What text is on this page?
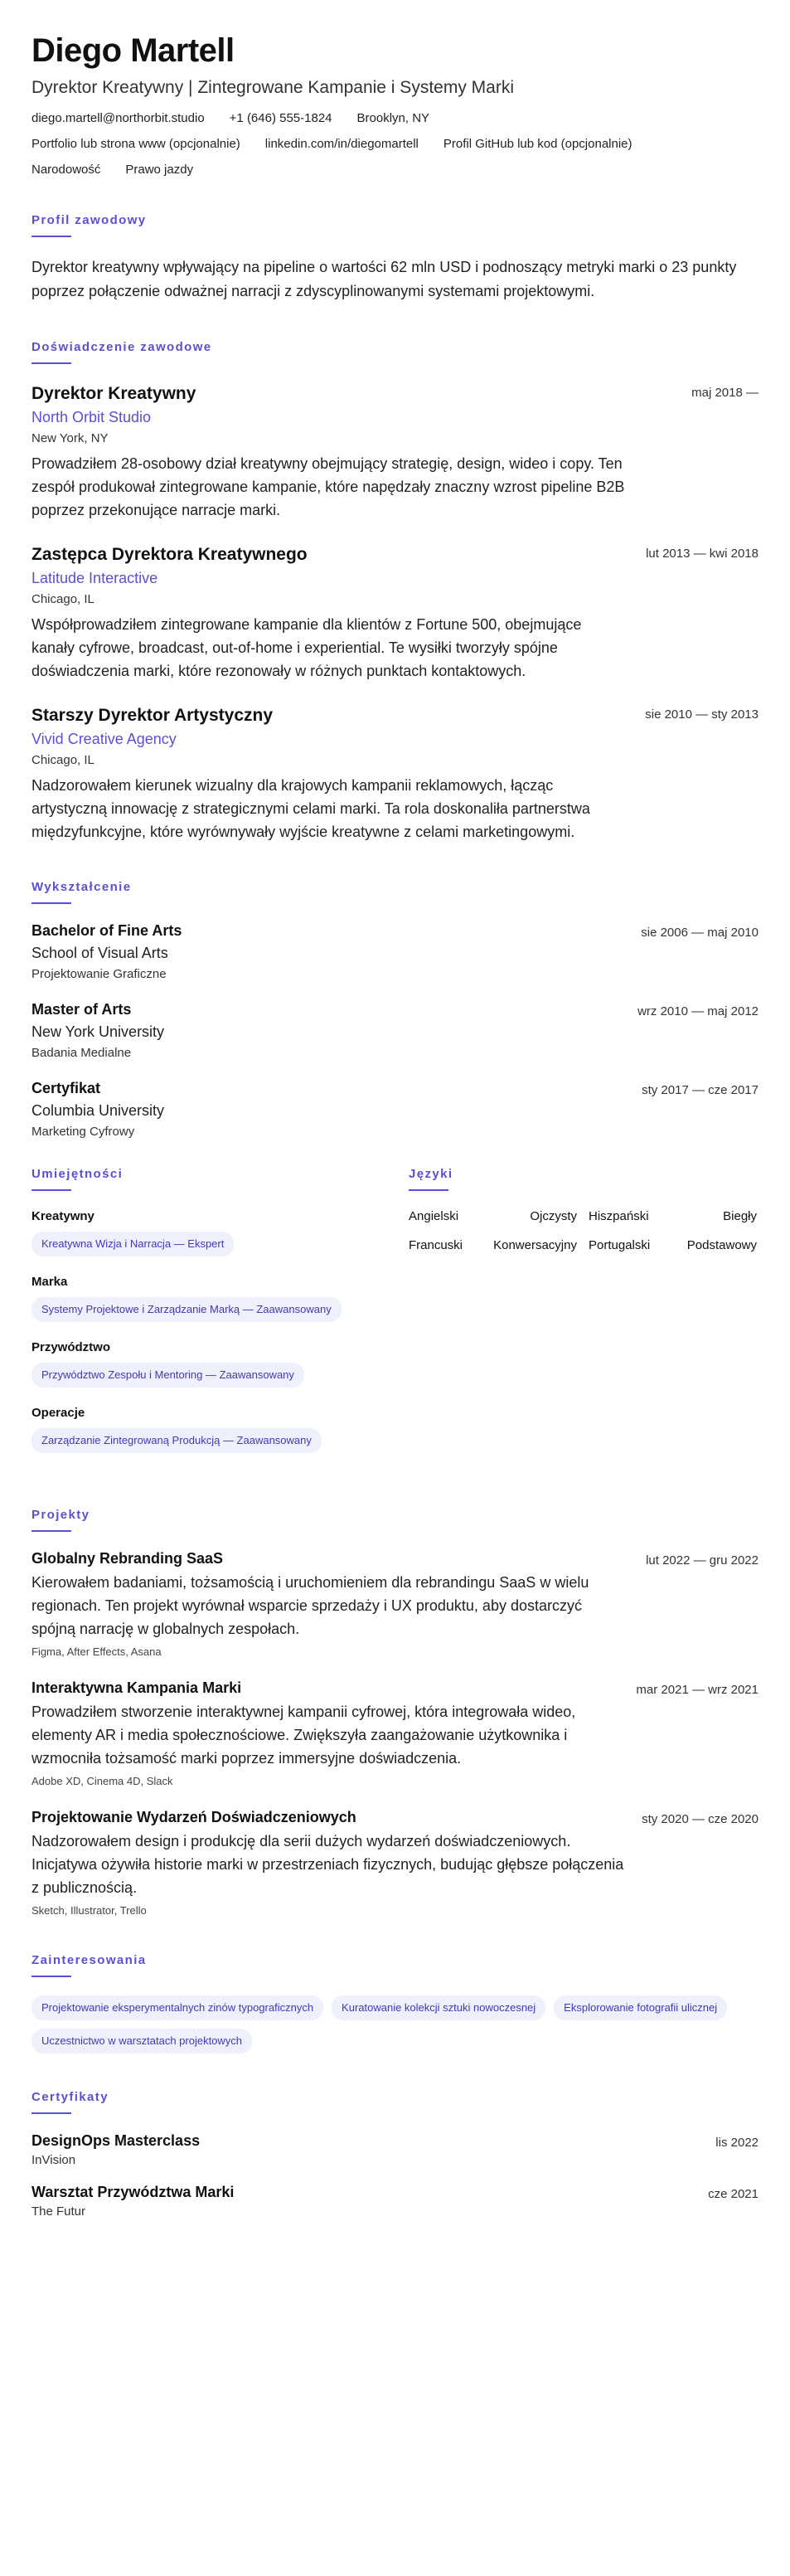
Diego Martell
Dyrektor Kreatywny | Zintegrowane Kampanie i Systemy Marki
diego.martell@northorbit.studio +1 (646) 555-1824 Brooklyn, NY
Portfolio lub strona www (opcjonalnie) linkedin.com/in/diegomartell Profil GitHub lub kod (opcjonalnie)
Narodowość Prawo jazdy
Profil zawodowy

Dyrektor kreatywny wpływający na pipeline o wartości 62 mln USD i podnoszący metryki marki o 23 punkty poprzez połączenie odważnej narracji z zdyscyplinowanymi systemami projektowymi.

Doświadczenie zawodowe
Dyrektor Kreatywny
North Orbit Studio
New York, NY

Prowadziłem 28-osobowy dział kreatywny obejmujący strategię, design, wideo i copy. Ten zespół produkował zintegrowane kampanie, które napędzały znaczny wzrost pipeline B2B poprzez przekonujące narracje marki.

maj 2018 —
Zastępca Dyrektora Kreatywnego
Latitude Interactive
Chicago, IL

Współprowadziłem zintegrowane kampanie dla klientów z Fortune 500, obejmujące kanały cyfrowe, broadcast, out-of-home i experiential. Te wysiłki tworzyły spójne doświadczenia marki, które rezonowały w różnych punktach kontaktowych.

lut 2013 — kwi 2018
Starszy Dyrektor Artystyczny
Vivid Creative Agency
Chicago, IL

Nadzorowałem kierunek wizualny dla krajowych kampanii reklamowych, łącząc artystyczną innowację z strategicznymi celami marki. Ta rola doskonaliła partnerstwa międzyfunkcyjne, które wyrównywały wyjście kreatywne z celami marketingowymi.

sie 2010 — sty 2013
Wykształcenie
Bachelor of Fine Arts
School of Visual Arts
Projektowanie Graficzne
sie 2006 — maj 2010
Master of Arts
New York University
Badania Medialne
wrz 2010 — maj 2012
Certyfikat
Columbia University
Marketing Cyfrowy
sty 2017 — cze 2017
Umiejętności
Kreatywny
Kreatywna Wizja i Narracja — Ekspert
Marka
Systemy Projektowe i Zarządzanie Marką — Zaawansowany
Przywództwo
Przywództwo Zespołu i Mentoring — Zaawansowany
Operacje
Zarządzanie Zintegrowaną Produkcją — Zaawansowany
Języki
Angielski	Ojczysty Hiszpański	Biegły
Francuski Konwersacyjny Portugalski	Podstawowy
Projekty
Globalny Rebranding SaaS

Kierowałem badaniami, tożsamością i uruchomieniem dla rebrandingu SaaS w wielu regionach. Ten projekt wyrównał wsparcie sprzedaży i UX produktu, aby dostarczyć spójną narrację w globalnych zespołach.

Figma, After Effects, Asana
lut 2022 — gru 2022
Interaktywna Kampania Marki

Prowadziłem stworzenie interaktywnej kampanii cyfrowej, która integrowała wideo, elementy AR i media społecznościowe. Zwiększyła zaangażowanie użytkownika i wzmocniła tożsamość marki poprzez immersyjne doświadczenia.

Adobe XD, Cinema 4D, Slack
mar 2021 — wrz 2021
Projektowanie Wydarzeń Doświadczeniowych

Nadzorowałem design i produkcję dla serii dużych wydarzeń doświadczeniowych. Inicjatywa ożywiła historie marki w przestrzeniach fizycznych, budując głębsze połączenia z publicznością.

Sketch, Illustrator, Trello
sty 2020 — cze 2020
Zainteresowania
Projektowanie eksperymentalnych zinów typograficznych	Kuratowanie kolekcji sztuki nowoczesnej	Eksplorowanie fotografii ulicznej
Uczestnictwo w warsztatach projektowych
Certyfikaty
DesignOps Masterclass
InVision
lis 2022
Warsztat Przywództwa Marki
The Futur
cze 2021
